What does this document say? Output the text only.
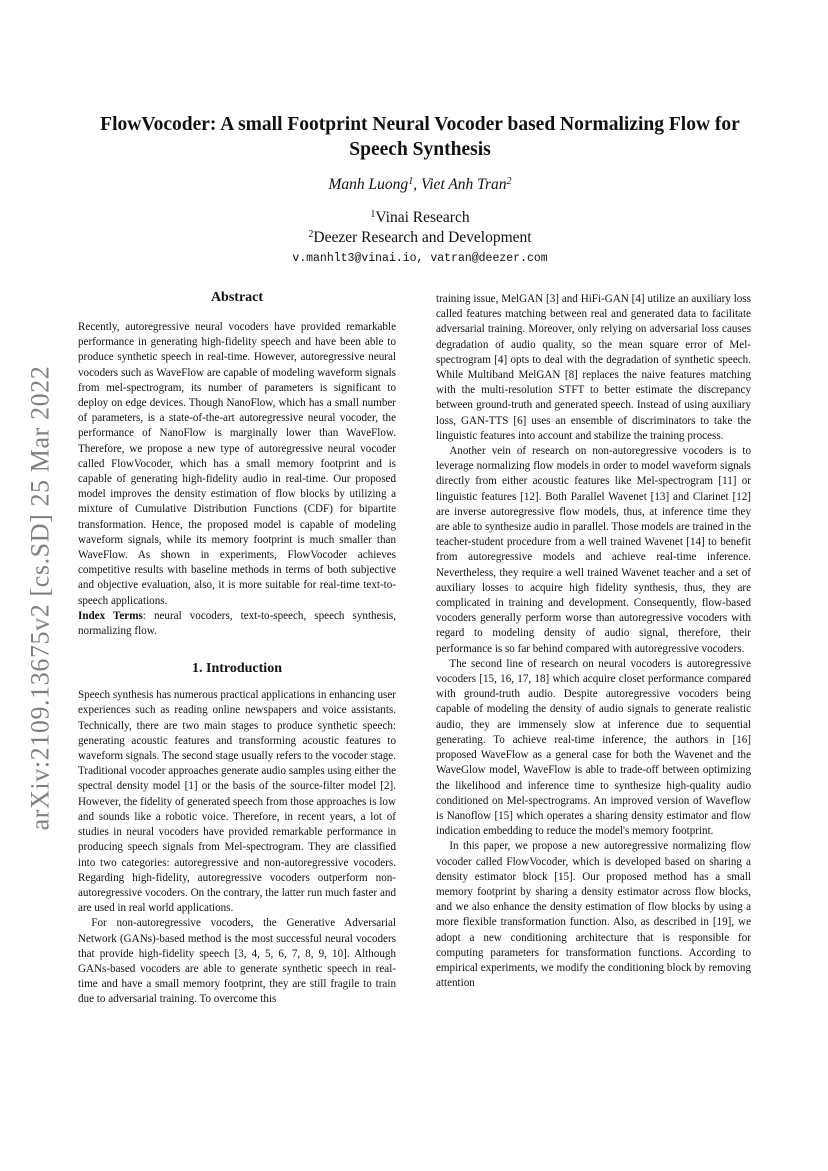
arXiv:2109.13675v2 [cs.SD] 25 Mar 2022
FlowVocoder: A small Footprint Neural Vocoder based Normalizing Flow for Speech Synthesis
Manh Luong$^1$, Viet Anh Tran$^2$
$^1$Vinai Research
$^2$Deezer Research and Development
v.manhlt3@vinai.io, vatran@deezer.com
Abstract

Recently, autoregressive neural vocoders have provided remarkable performance in generating high-fidelity speech and have been able to produce synthetic speech in real-time. However, autoregressive neural vocoders such as WaveFlow are capable of modeling waveform signals from mel-spectrogram, its number of parameters is significant to deploy on edge devices. Though NanoFlow, which has a small number of parameters, is a state-of-the-art autoregressive neural vocoder, the performance of NanoFlow is marginally lower than WaveFlow. Therefore, we propose a new type of autoregressive neural vocoder called FlowVocoder, which has a small memory footprint and is capable of generating high-fidelity audio in real-time. Our proposed model improves the density estimation of flow blocks by utilizing a mixture of Cumulative Distribution Functions (CDF) for bipartite transformation. Hence, the proposed model is capable of modeling waveform signals, while its memory footprint is much smaller than WaveFlow. As shown in experiments, FlowVocoder achieves competitive results with baseline methods in terms of both subjective and objective evaluation, also, it is more suitable for real-time text-to-speech applications.

Index Terms: neural vocoders, text-to-speech, speech synthesis, normalizing flow.

1. Introduction

Speech synthesis has numerous practical applications in enhancing user experiences such as reading online newspapers and voice assistants. Technically, there are two main stages to produce synthetic speech: generating acoustic features and transforming acoustic features to waveform signals. The second stage usually refers to the vocoder stage. Traditional vocoder approaches generate audio samples using either the spectral density model [1] or the basis of the source-filter model [2]. However, the fidelity of generated speech from those approaches is low and sounds like a robotic voice. Therefore, in recent years, a lot of studies in neural vocoders have provided remarkable performance in producing speech signals from Mel-spectrogram. They are classified into two categories: autoregressive and non-autoregressive vocoders. Regarding high-fidelity, autoregressive vocoders outperform non-autoregressive vocoders. On the contrary, the latter run much faster and are used in real world applications.

For non-autoregressive vocoders, the Generative Adversarial Network (GANs)-based method is the most successful neural vocoders that provide high-fidelity speech [3, 4, 5, 6, 7, 8, 9, 10]. Although GANs-based vocoders are able to generate synthetic speech in real-time and have a small memory footprint, they are still fragile to train due to adversarial training. To overcome this

training issue, MelGAN [3] and HiFi-GAN [4] utilize an auxiliary loss called features matching between real and generated data to facilitate adversarial training. Moreover, only relying on adversarial loss causes degradation of audio quality, so the mean square error of Mel-spectrogram [4] opts to deal with the degradation of synthetic speech. While Multiband MelGAN [8] replaces the naive features matching with the multi-resolution STFT to better estimate the discrepancy between ground-truth and generated speech. Instead of using auxiliary loss, GAN-TTS [6] uses an ensemble of discriminators to take the linguistic features into account and stabilize the training process.

Another vein of research on non-autoregressive vocoders is to leverage normalizing flow models in order to model waveform signals directly from either acoustic features like Mel-spectrogram [11] or linguistic features [12]. Both Parallel Wavenet [13] and Clarinet [12] are inverse autoregressive flow models, thus, at inference time they are able to synthesize audio in parallel. Those models are trained in the teacher-student procedure from a well trained Wavenet [14] to benefit from autoregressive models and achieve real-time inference. Nevertheless, they require a well trained Wavenet teacher and a set of auxiliary losses to acquire high fidelity synthesis, thus, they are complicated in training and development. Consequently, flow-based vocoders generally perform worse than autoregressive vocoders with regard to modeling density of audio signal, therefore, their performance is so far behind compared with autoregressive vocoders.

The second line of research on neural vocoders is autoregressive vocoders [15, 16, 17, 18] which acquire closet performance compared with ground-truth audio. Despite autoregressive vocoders being capable of modeling the density of audio signals to generate realistic audio, they are immensely slow at inference due to sequential generating. To achieve real-time inference, the authors in [16] proposed WaveFlow as a general case for both the Wavenet and the WaveGlow model, WaveFlow is able to trade-off between optimizing the likelihood and inference time to synthesize high-quality audio conditioned on Mel-spectrograms. An improved version of Waveflow is Nanoflow [15] which operates a sharing density estimator and flow indication embedding to reduce the model's memory footprint.

In this paper, we propose a new autoregressive normalizing flow vocoder called FlowVocoder, which is developed based on sharing a density estimator block [15]. Our proposed method has a small memory footprint by sharing a density estimator across flow blocks, and we also enhance the density estimation of flow blocks by using a more flexible transformation function. Also, as described in [19], we adopt a new conditioning architecture that is responsible for computing parameters for transformation functions. According to empirical experiments, we modify the conditioning block by removing attention
